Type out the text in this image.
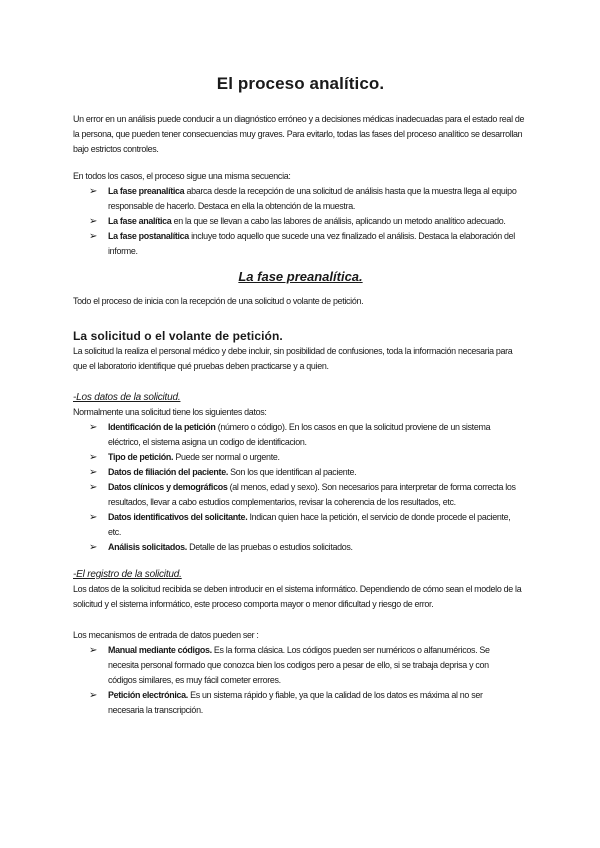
El proceso analítico.

Un error en un análisis puede conducir a un diagnóstico erróneo y a decisiones médicas inadecuadas para el estado real de la persona, que pueden tener consecuencias muy graves. Para evitarlo, todas las fases del proceso analítico se desarrollan bajo estrictos controles.

En todos los casos, el proceso sigue una misma secuencia:

➢ La fase preanalítica abarca desde la recepción de una solicitud de análisis hasta que la muestra llega al equipo responsable de hacerlo. Destaca en ella la obtención de la muestra.

➢ La fase analítica en la que se llevan a cabo las labores de análisis, aplicando un metodo analítico adecuado.

➢ La fase postanalítica incluye todo aquello que sucede una vez finalizado el análisis. Destaca la elaboración del informe.

La fase preanalítica.

Todo el proceso de inicia con la recepción de una solicitud o volante de petición.

La solicitud o el volante de petición.

La solicitud la realiza el personal médico y debe incluir, sin posibilidad de confusiones, toda la información necesaria para que el laboratorio identifique qué pruebas deben practicarse y a quien.

-Los datos de la solicitud.

Normalmente una solicitud tiene los siguientes datos:

➢ Identificación de la petición (número o código). En los casos en que la solicitud proviene de un sistema eléctrico, el sistema asigna un codigo de identificacion.

➢ Tipo de petición. Puede ser normal o urgente.

➢ Datos de filiación del paciente. Son los que identifican al paciente.

➢ Datos clínicos y demográficos (al menos, edad y sexo). Son necesarios para interpretar de forma correcta los resultados, llevar a cabo estudios complementarios, revisar la coherencia de los resultados, etc.

➢ Datos identificativos del solicitante. Indican quien hace la petición, el servicio de donde procede el paciente, etc.

➢ Análisis solicitados. Detalle de las pruebas o estudios solicitados.

-El registro de la solicitud.

Los datos de la solicitud recibida se deben introducir en el sistema informático. Dependiendo de cómo sean el modelo de la solicitud y el sistema informático, este proceso comporta mayor o menor dificultad y riesgo de error.

Los mecanismos de entrada de datos pueden ser :

➢ Manual mediante códigos. Es la forma clásica. Los códigos pueden ser numéricos o alfanuméricos. Se necesita personal formado que conozca bien los codigos pero a pesar de ello, si se trabaja deprisa y con códigos similares, es muy fácil cometer errores.

➢ Petición electrónica. Es un sistema rápido y fiable, ya que la calidad de los datos es máxima al no ser necesaria la transcripción.
